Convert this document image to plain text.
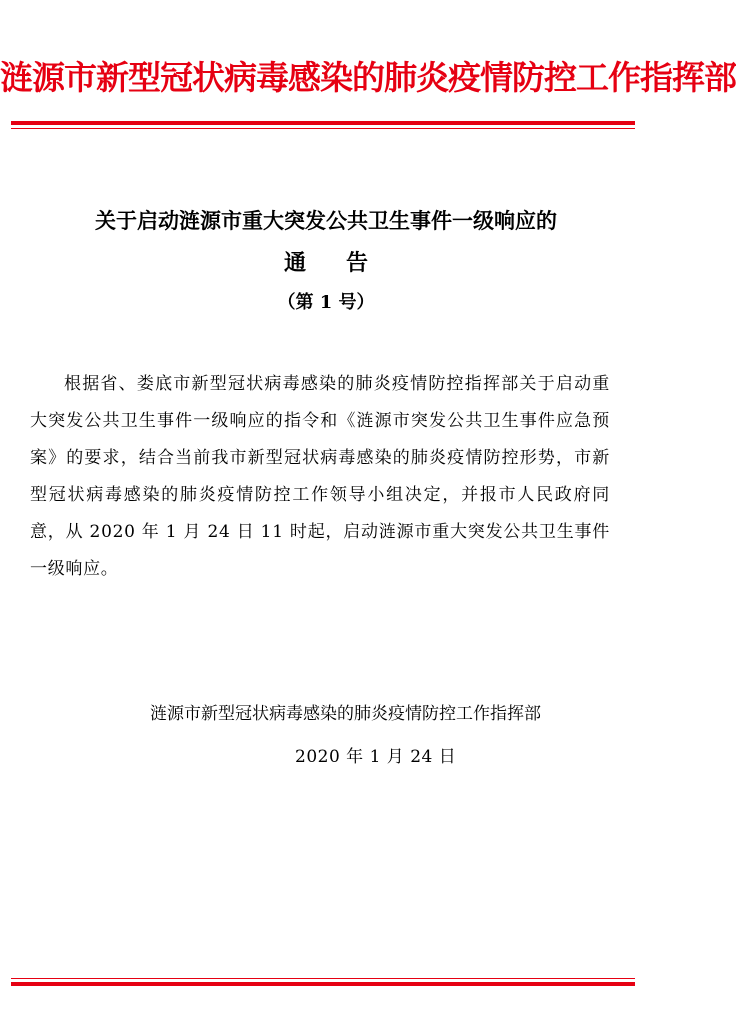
涟源市新型冠状病毒感染的肺炎疫情防控工作指挥部
关于启动涟源市重大突发公共卫生事件一级响应的
通告
（第 1 号）
根据省、娄底市新型冠状病毒感染的肺炎疫情防控指挥部关于启动重大突发公共卫生事件一级响应的指令和《涟源市突发公共卫生事件应急预案》的要求，结合当前我市新型冠状病毒感染的肺炎疫情防控形势，市新型冠状病毒感染的肺炎疫情防控工作领导小组决定，并报市人民政府同意，从 2020 年 1 月 24 日 11 时起，启动涟源市重大突发公共卫生事件一级响应。
涟源市新型冠状病毒感染的肺炎疫情防控工作指挥部
2020 年 1 月 24 日
